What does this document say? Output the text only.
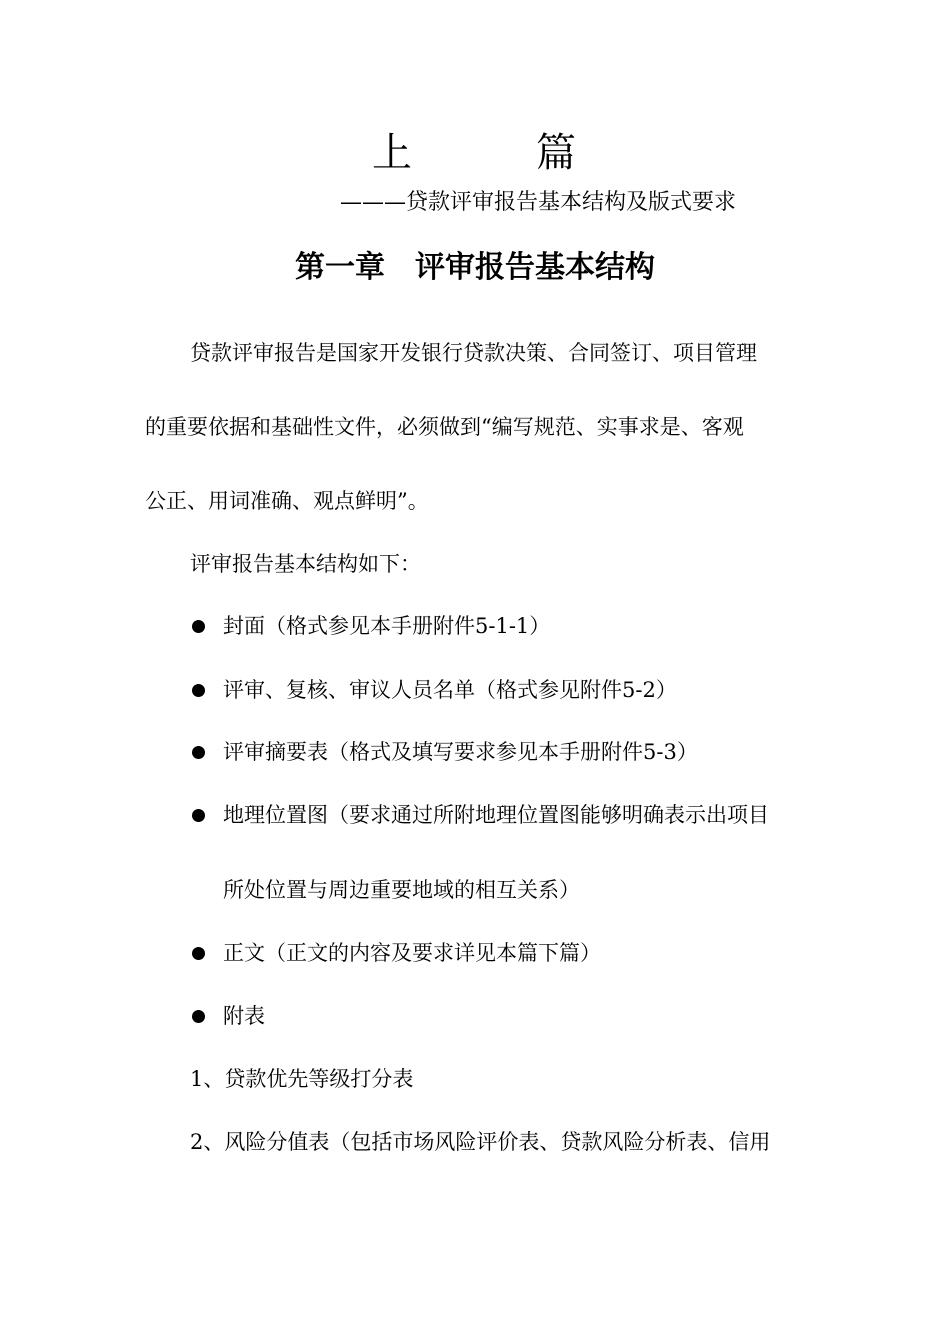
上	篇
———贷款评审报告基本结构及版式要求
第一章　评审报告基本结构
贷款评审报告是国家开发银行贷款决策、合同签订、项目管理
的重要依据和基础性文件，必须做到“编写规范、实事求是、客观
公正、用词准确、观点鲜明”。
评审报告基本结构如下：
封面（格式参见本手册附件5-1-1）
评审、复核、审议人员名单（格式参见附件5-2）
评审摘要表（格式及填写要求参见本手册附件5-3）
地理位置图（要求通过所附地理位置图能够明确表示出项目
所处位置与周边重要地域的相互关系）
正文（正文的内容及要求详见本篇下篇）
附表
1、贷款优先等级打分表
2、风险分值表（包括市场风险评价表、贷款风险分析表、信用
